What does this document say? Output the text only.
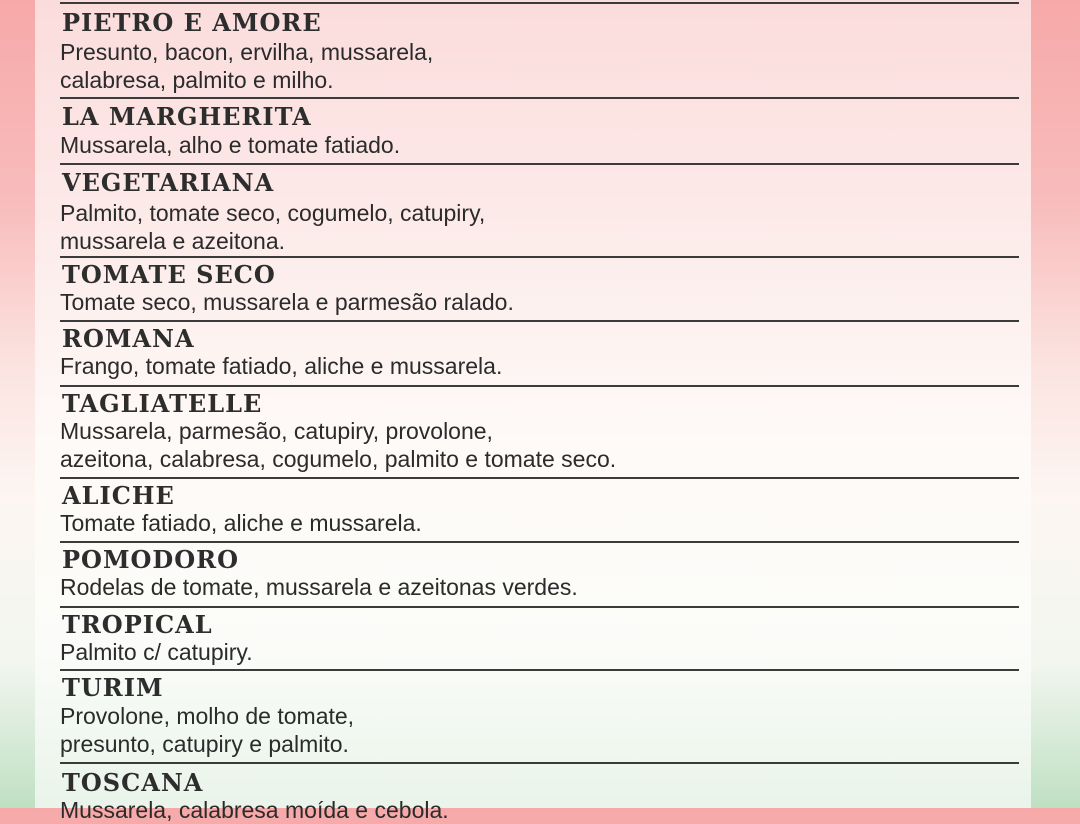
PIETRO E AMORE
Presunto, bacon, ervilha, mussarela,
calabresa, palmito e milho.
LA MARGHERITA
Mussarela, alho e tomate fatiado.
VEGETARIANA
Palmito, tomate seco, cogumelo, catupiry,
mussarela e azeitona.
TOMATE SECO
Tomate seco, mussarela e parmesão ralado.
ROMANA
Frango, tomate fatiado, aliche e mussarela.
TAGLIATELLE
Mussarela, parmesão, catupiry, provolone,
azeitona, calabresa, cogumelo, palmito e tomate seco.
ALICHE
Tomate fatiado, aliche e mussarela.
POMODORO
Rodelas de tomate, mussarela e azeitonas verdes.
TROPICAL
Palmito c/ catupiry.
TURIM
Provolone, molho de tomate,
presunto, catupiry e palmito.
TOSCANA
Mussarela, calabresa moída e cebola.
